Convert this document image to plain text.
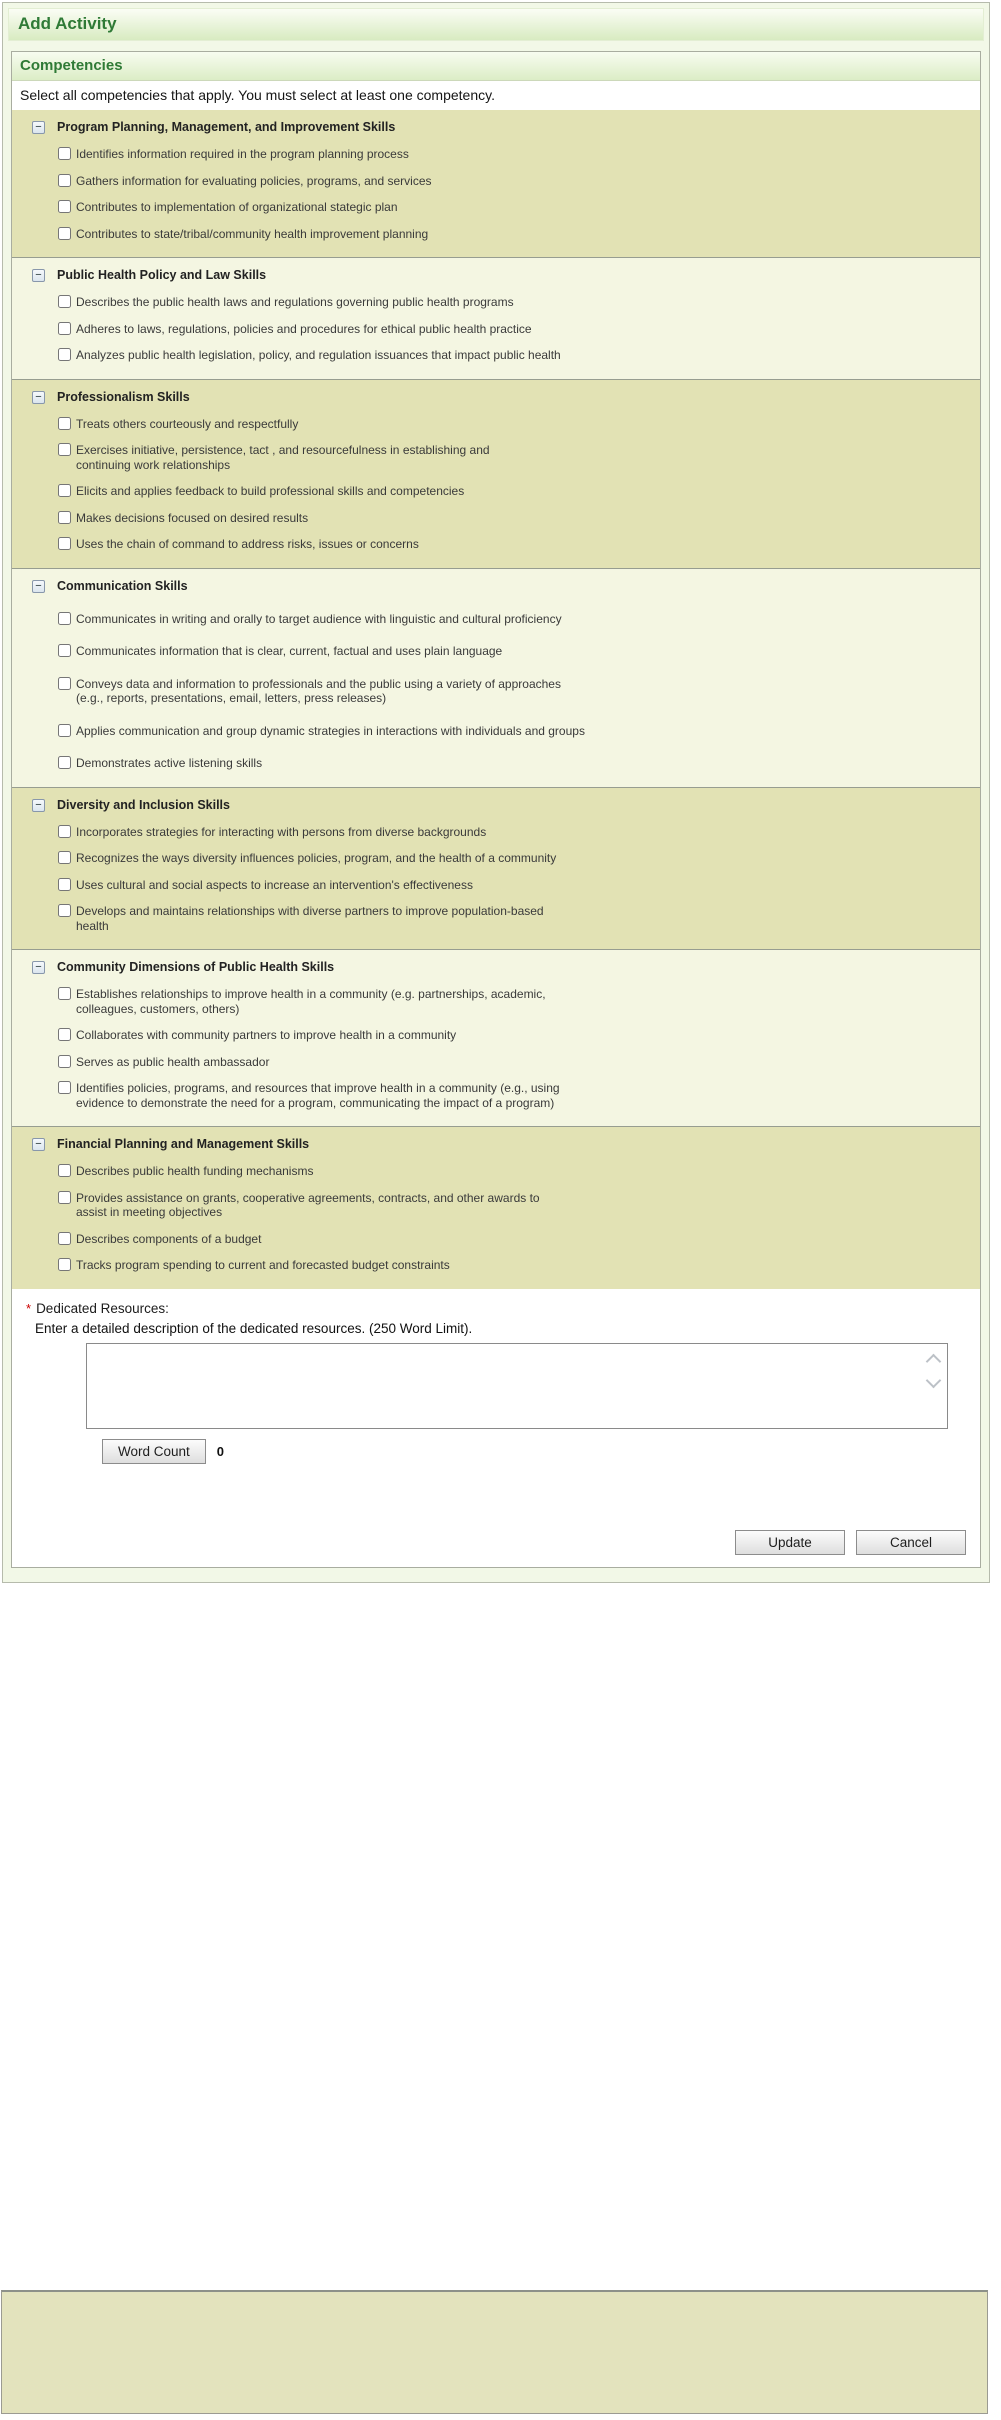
Add Activity
Competencies
Select all competencies that apply. You must select at least one competency.
− Program Planning, Management, and Improvement Skills
Identifies information required in the program planning process
Gathers information for evaluating policies, programs, and services
Contributes to implementation of organizational stategic plan
Contributes to state/tribal/community health improvement planning
− Public Health Policy and Law Skills
Describes the public health laws and regulations governing public health programs
Adheres to laws, regulations, policies and procedures for ethical public health practice
Analyzes public health legislation, policy, and regulation issuances that impact public health
− Professionalism Skills
Treats others courteously and respectfully
Exercises initiative, persistence, tact , and resourcefulness in establishing and
continuing work relationships
Elicits and applies feedback to build professional skills and competencies
Makes decisions focused on desired results
Uses the chain of command to address risks, issues or concerns
− Communication Skills
Communicates in writing and orally to target audience with linguistic and cultural proficiency
Communicates information that is clear, current, factual and uses plain language
Conveys data and information to professionals and the public using a variety of approaches
(e.g., reports, presentations, email, letters, press releases)
Applies communication and group dynamic strategies in interactions with individuals and groups
Demonstrates active listening skills
− Diversity and Inclusion Skills
Incorporates strategies for interacting with persons from diverse backgrounds
Recognizes the ways diversity influences policies, program, and the health of a community
Uses cultural and social aspects to increase an intervention's effectiveness
Develops and maintains relationships with diverse partners to improve population-based
health
− Community Dimensions of Public Health Skills
Establishes relationships to improve health in a community (e.g. partnerships, academic,
colleagues, customers, others)
Collaborates with community partners to improve health in a community
Serves as public health ambassador
Identifies policies, programs, and resources that improve health in a community (e.g., using
evidence to demonstrate the need for a program, communicating the impact of a program)
− Financial Planning and Management Skills
Describes public health funding mechanisms
Provides assistance on grants, cooperative agreements, contracts, and other awards to
assist in meeting objectives
Describes components of a budget
Tracks program spending to current and forecasted budget constraints
* Dedicated Resources:
Enter a detailed description of the dedicated resources. (250 Word Limit).
Word Count	0
Update	Cancel
